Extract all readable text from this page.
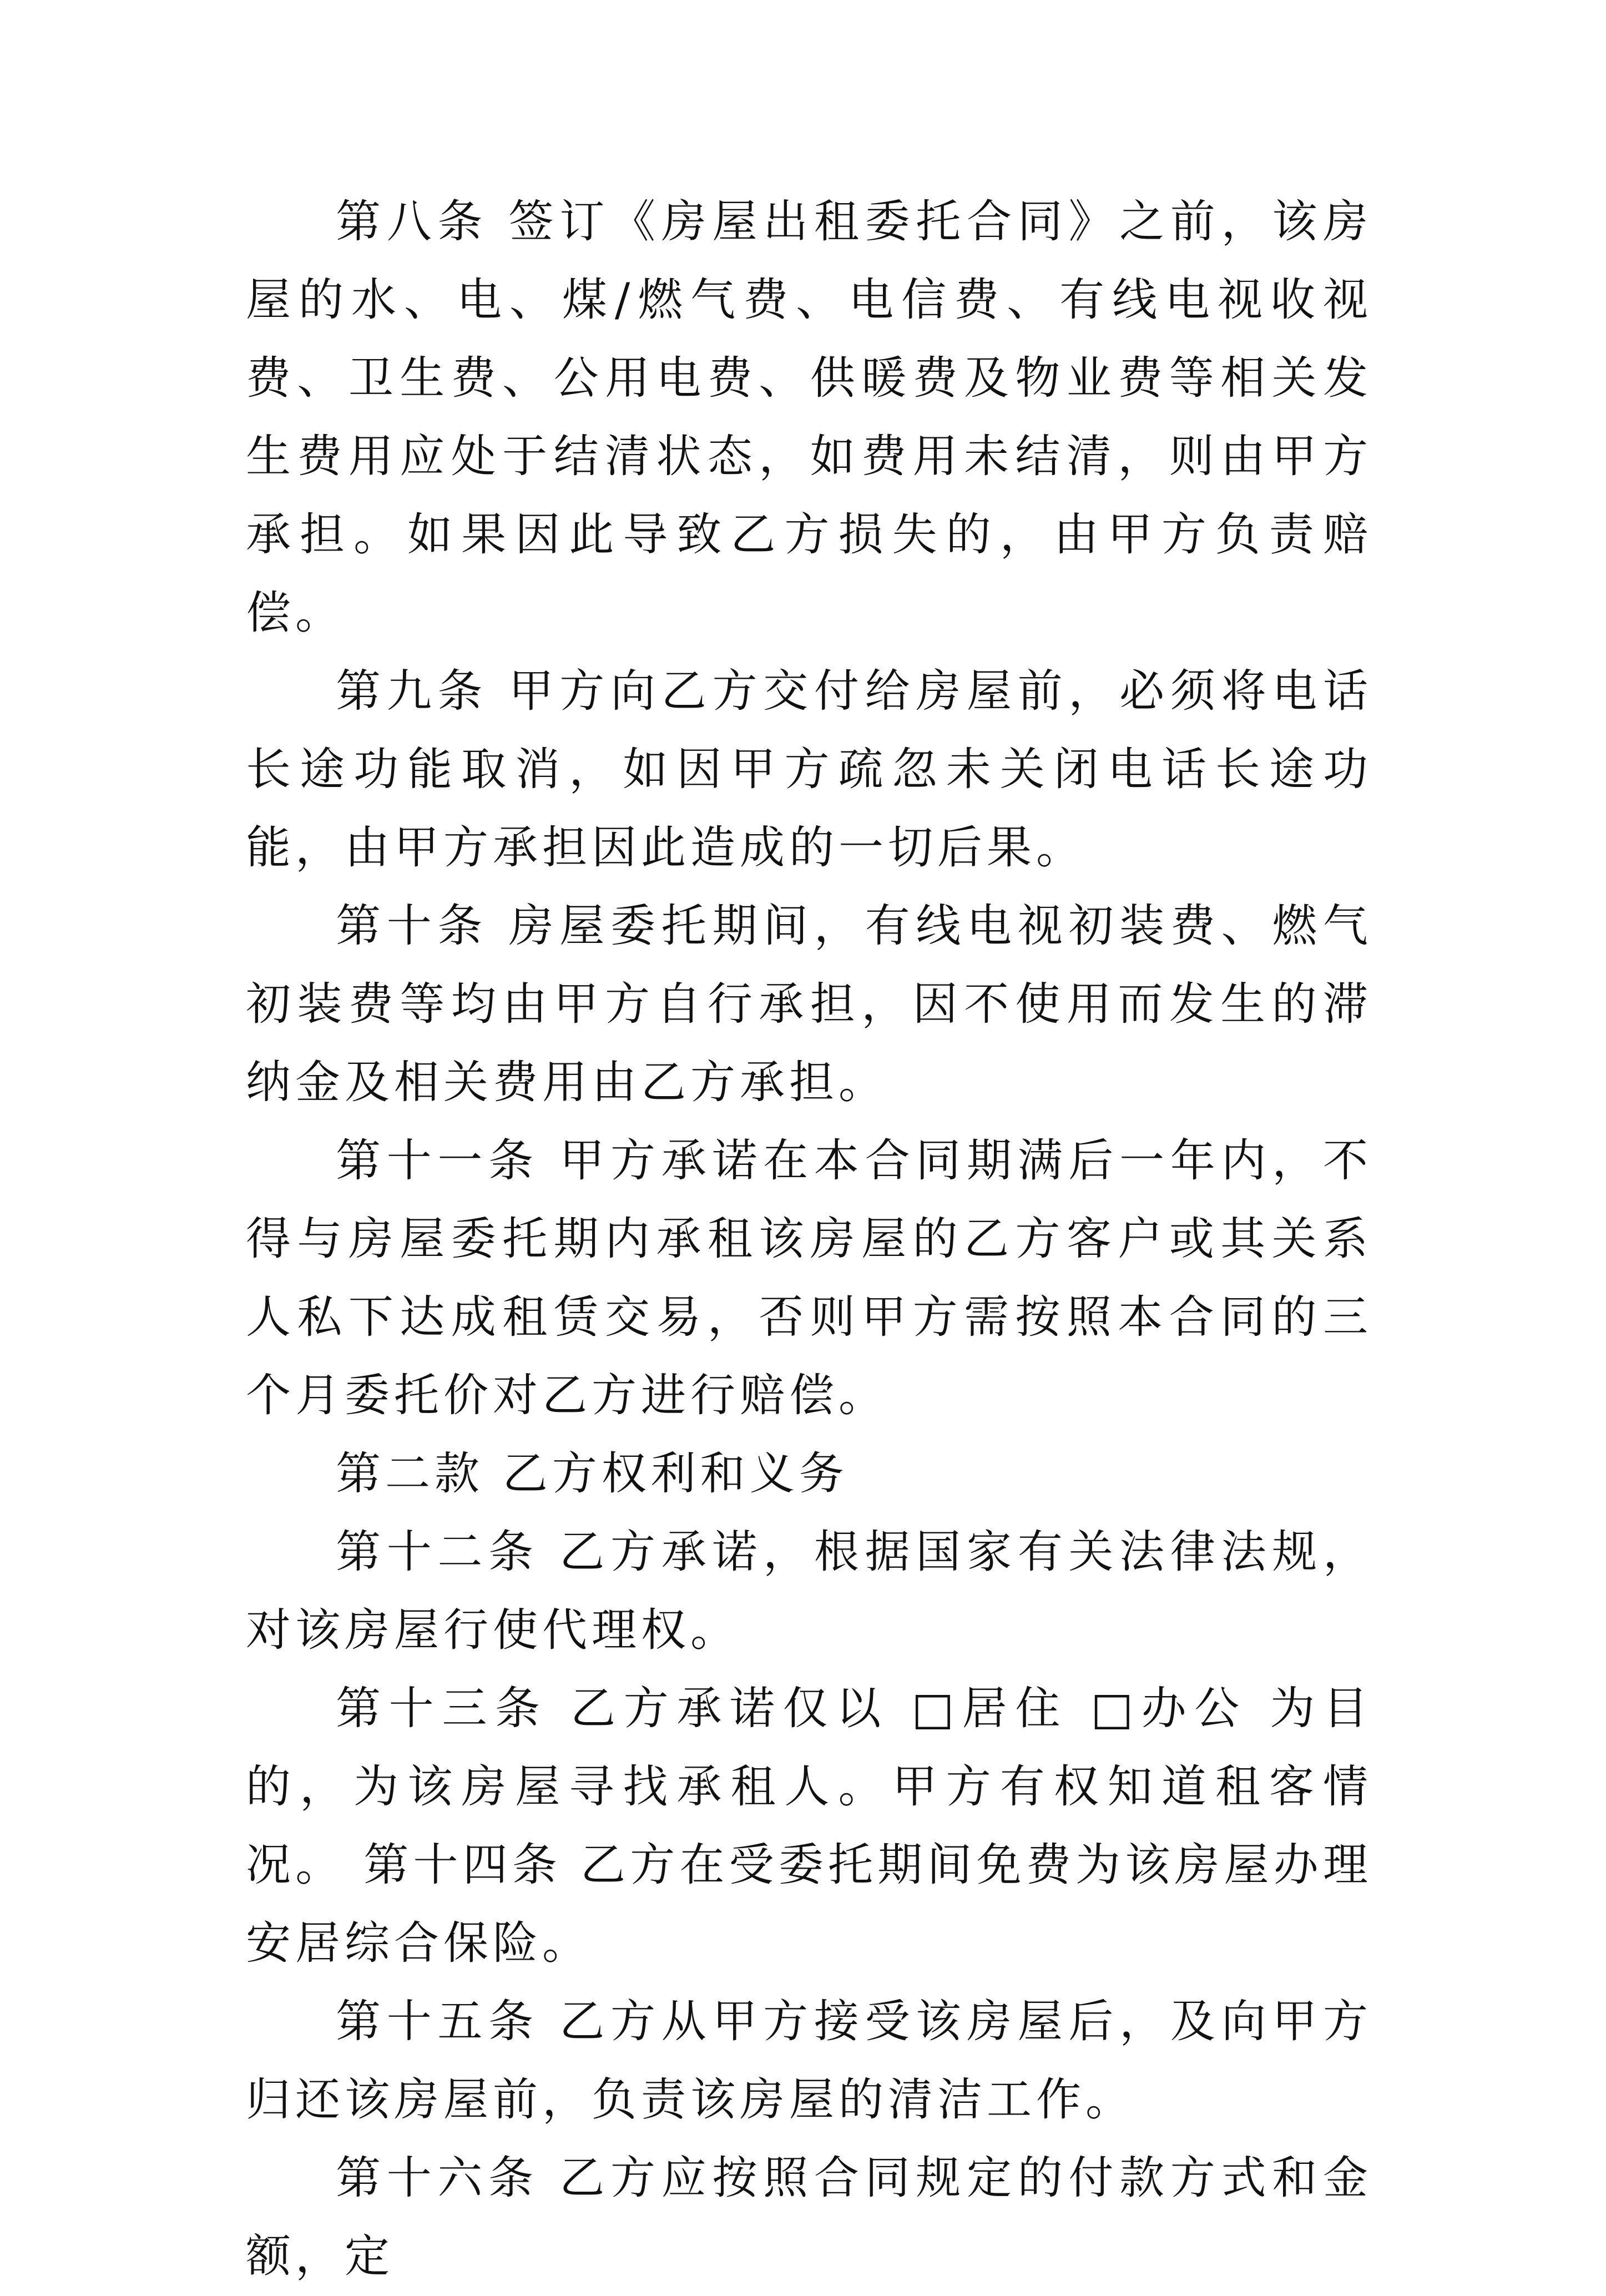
第八条 签订《房屋出租委托合同》之前，该房屋的水、电、煤/燃气费、电信费、有线电视收视费、卫生费、公用电费、供暖费及物业费等相关发生费用应处于结清状态，如费用未结清，则由甲方承担。如果因此导致乙方损失的，由甲方负责赔偿。

第九条 甲方向乙方交付给房屋前，必须将电话长途功能取消，如因甲方疏忽未关闭电话长途功能，由甲方承担因此造成的一切后果。

第十条 房屋委托期间，有线电视初装费、燃气初装费等均由甲方自行承担，因不使用而发生的滞纳金及相关费用由乙方承担。

第十一条 甲方承诺在本合同期满后一年内，不得与房屋委托期内承租该房屋的乙方客户或其关系人私下达成租赁交易，否则甲方需按照本合同的三个月委托价对乙方进行赔偿。

第二款 乙方权利和义务

第十二条 乙方承诺，根据国家有关法律法规，对该房屋行使代理权。

第十三条 乙方承诺仅以 □居住 □办公 为目的，为该房屋寻找承租人。甲方有权知道租客情况。 第十四条 乙方在受委托期间免费为该房屋办理安居综合保险。

第十五条 乙方从甲方接受该房屋后，及向甲方归还该房屋前，负责该房屋的清洁工作。

第十六条 乙方应按照合同规定的付款方式和金额，定
